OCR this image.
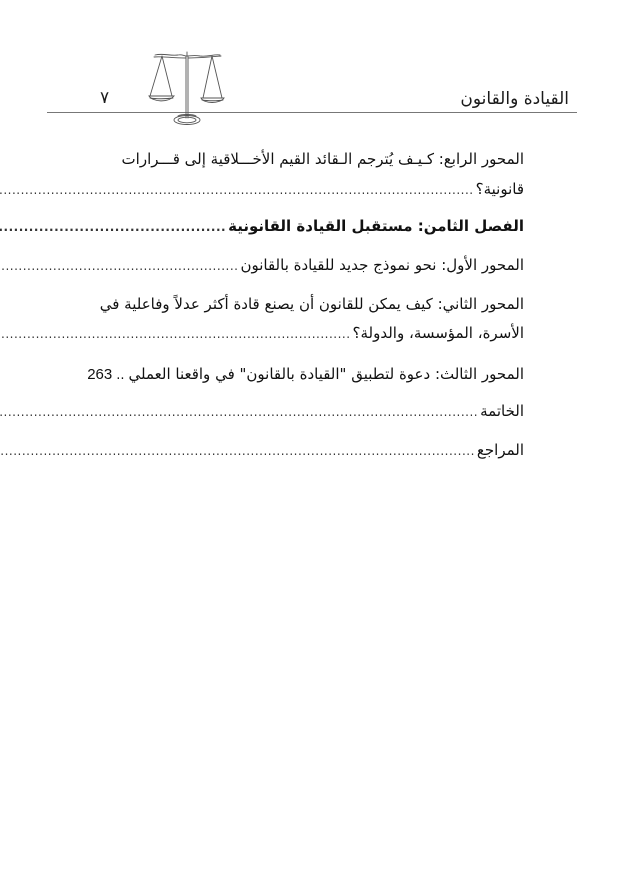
القيادة والقانون
٧
المحور الرابع: كـيـف يُترجم الـقائد القيم الأخـــلاقية إلى قـــرارات
قانونية؟
.....
الفصل الثامن: مستقبل القيادة القانونية
.....
المحور الأول: نحو نموذج جديد للقيادة بالقانون
.....
المحور الثاني: كيف يمكن للقانون أن يصنع قادة أكثر عدلاً وفاعلية في
الأسرة، المؤسسة، والدولة؟
.....
المحور الثالث: دعوة لتطبيق "القيادة بالقانون" في واقعنا العملي
..
263
الخاتمة
.....
المراجع
.....
